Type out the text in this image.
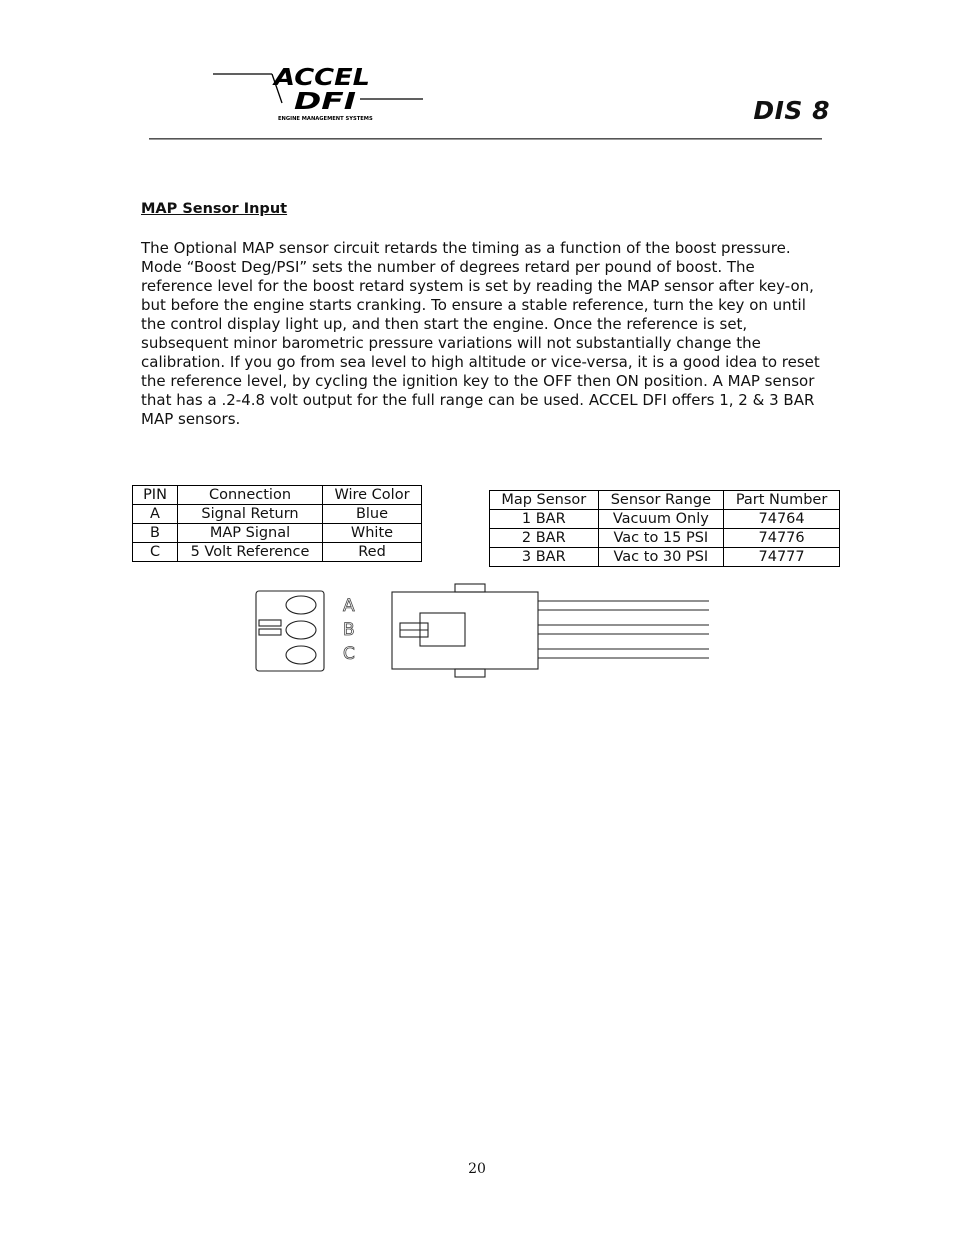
ACCEL
DFI
ENGINE MANAGEMENT SYSTEMS	DIS 8
MAP Sensor Input

The Optional MAP sensor circuit retards the timing as a function of the boost pressure. Mode “Boost Deg/PSI” sets the number of degrees retard per pound of boost. The reference level for the boost retard system is set by reading the MAP sensor after key-on, but before the engine starts cranking. To ensure a stable reference, turn the key on until the control display light up, and then start the engine. Once the reference is set, subsequent minor barometric pressure variations will not substantially change the calibration. If you go from sea level to high altitude or vice-versa, it is a good idea to reset the reference level, by cycling the ignition key to the OFF then ON position. A MAP sensor that has a .2-4.8 volt output for the full range can be used. ACCEL DFI offers 1, 2 & 3 BAR MAP sensors.

PIN	Connection	Wire Color
A	Signal Return	Blue
B	MAP Signal	White
C	5 Volt Reference	Red
Map Sensor	Sensor Range	Part Number
1 BAR	Vacuum Only	74764
2 BAR	Vac to 15 PSI	74776
3 BAR	Vac to 30 PSI	74777
A
B
C
20
